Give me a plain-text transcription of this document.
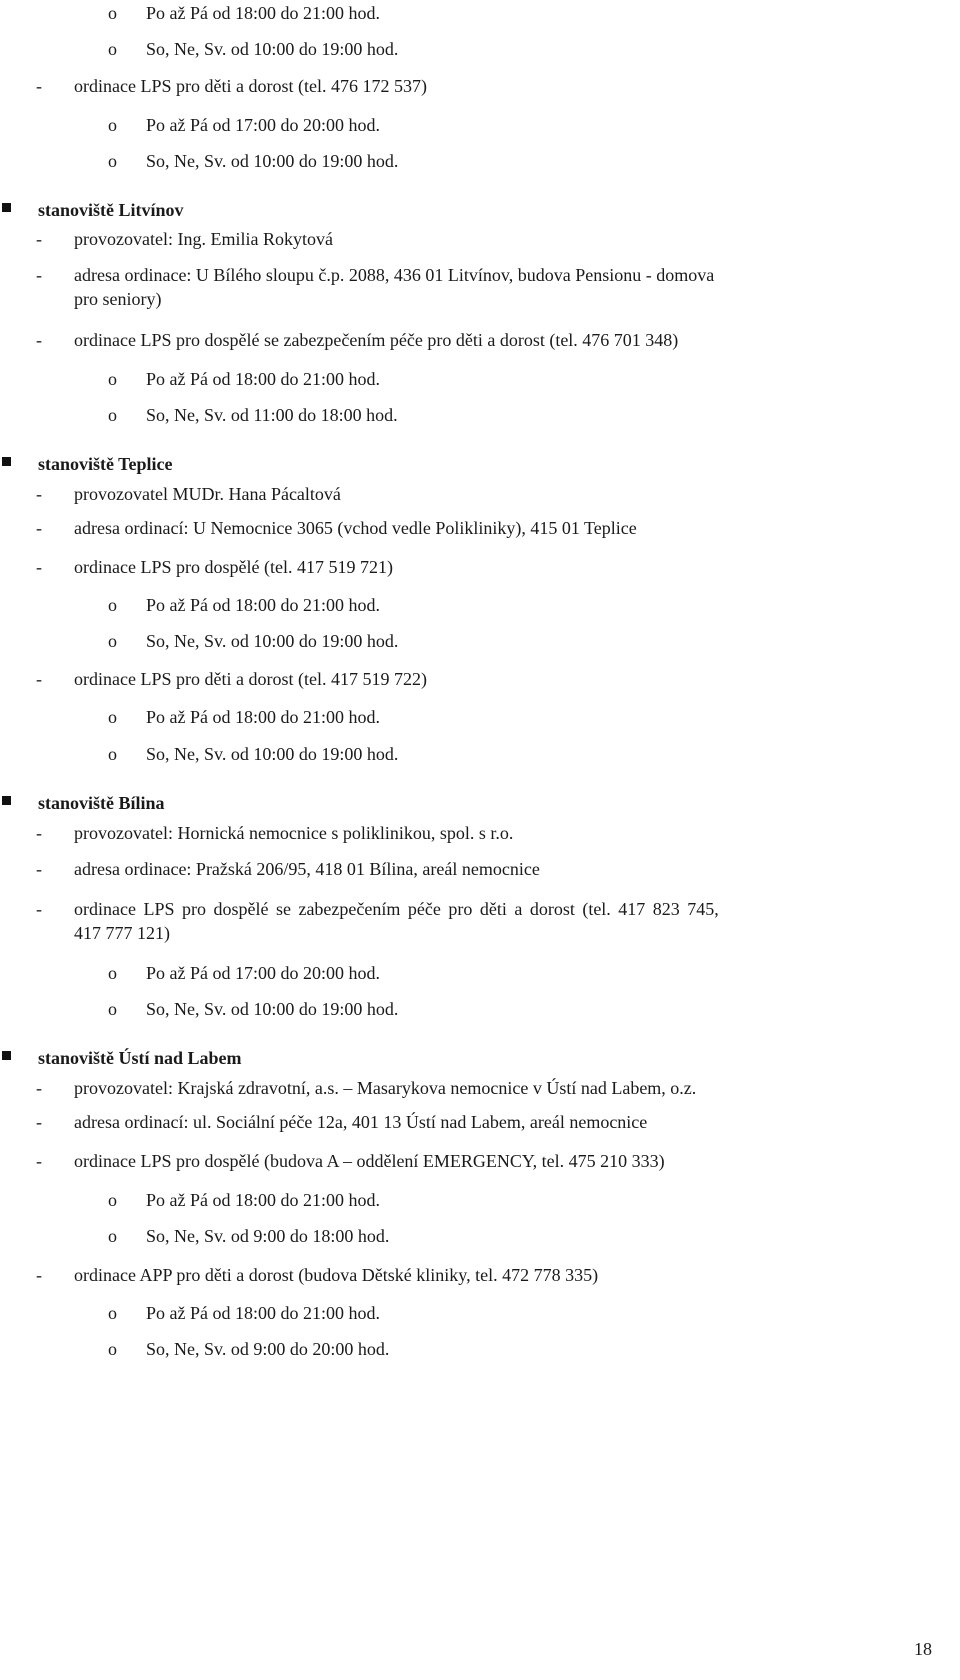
o Po až Pá od 18:00 do 21:00 hod.
o So, Ne, Sv. od 10:00 do 19:00 hod.
- ordinace LPS pro děti a dorost (tel. 476 172 537)
o Po až Pá od 17:00 do 20:00 hod.
o So, Ne, Sv. od 10:00 do 19:00 hod.
stanoviště Litvínov
- provozovatel: Ing. Emilia Rokytová
- adresa ordinace: U Bílého sloupu č.p. 2088, 436 01 Litvínov, budova Pensionu - domova
pro seniory)
- ordinace LPS pro dospělé se zabezpečením péče pro děti a dorost (tel. 476 701 348)
o Po až Pá od 18:00 do 21:00 hod.
o So, Ne, Sv. od 11:00 do 18:00 hod.
stanoviště Teplice
- provozovatel MUDr. Hana Pácaltová
- adresa ordinací: U Nemocnice 3065 (vchod vedle Polikliniky), 415 01 Teplice
- ordinace LPS pro dospělé (tel. 417 519 721)
o Po až Pá od 18:00 do 21:00 hod.
o So, Ne, Sv. od 10:00 do 19:00 hod.
- ordinace LPS pro děti a dorost (tel. 417 519 722)
o Po až Pá od 18:00 do 21:00 hod.
o So, Ne, Sv. od 10:00 do 19:00 hod.
stanoviště Bílina
- provozovatel: Hornická nemocnice s poliklinikou, spol. s r.o.
- adresa ordinace: Pražská 206/95, 418 01 Bílina, areál nemocnice
- ordinace LPS pro dospělé se zabezpečením péče pro děti a dorost (tel. 417 823 745,
417 777 121)
o Po až Pá od 17:00 do 20:00 hod.
o So, Ne, Sv. od 10:00 do 19:00 hod.
stanoviště Ústí nad Labem
- provozovatel: Krajská zdravotní, a.s. – Masarykova nemocnice v Ústí nad Labem, o.z.
- adresa ordinací: ul. Sociální péče 12a, 401 13 Ústí nad Labem, areál nemocnice
- ordinace LPS pro dospělé (budova A – oddělení EMERGENCY, tel. 475 210 333)
o Po až Pá od 18:00 do 21:00 hod.
o So, Ne, Sv. od 9:00 do 18:00 hod.
- ordinace APP pro děti a dorost (budova Dětské kliniky, tel. 472 778 335)
o Po až Pá od 18:00 do 21:00 hod.
o So, Ne, Sv. od 9:00 do 20:00 hod.
18
